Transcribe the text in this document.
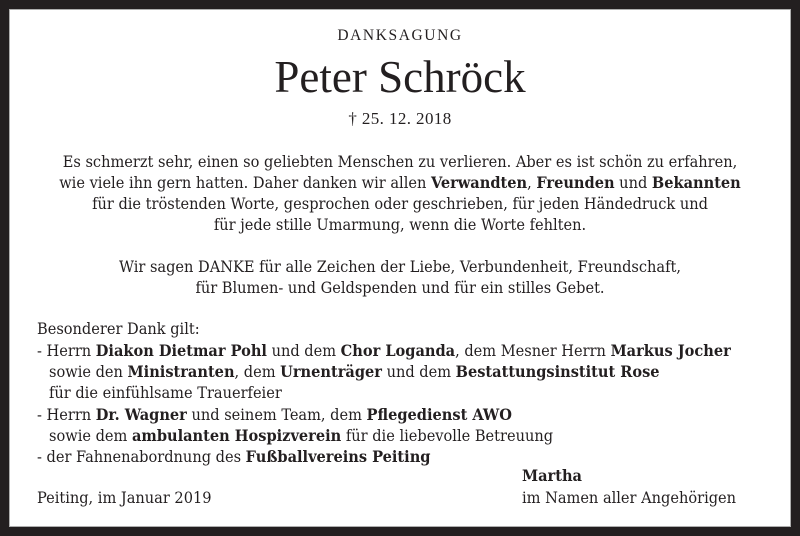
DANKSAGUNG
Peter Schröck
† 25. 12. 2018
Es schmerzt sehr, einen so geliebten Menschen zu verlieren. Aber es ist schön zu erfahren,
wie viele ihn gern hatten. Daher danken wir allen Verwandten, Freunden und Bekannten
für die tröstenden Worte, gesprochen oder geschrieben, für jeden Händedruck und
für jede stille Umarmung, wenn die Worte fehlten.
Wir sagen DANKE für alle Zeichen der Liebe, Verbundenheit, Freundschaft,
für Blumen- und Geldspenden und für ein stilles Gebet.
Besonderer Dank gilt:
- Herrn Diakon Dietmar Pohl und dem Chor Loganda, dem Mesner Herrn Markus Jocher
sowie den Ministranten, dem Urnenträger und dem Bestattungsinstitut Rose
für die einfühlsame Trauerfeier
- Herrn Dr. Wagner und seinem Team, dem Pflegedienst AWO
sowie dem ambulanten Hospizverein für die liebevolle Betreuung
- der Fahnenabordnung des Fußballvereins Peiting
Peiting, im Januar 2019
Martha
im Namen aller Angehörigen
